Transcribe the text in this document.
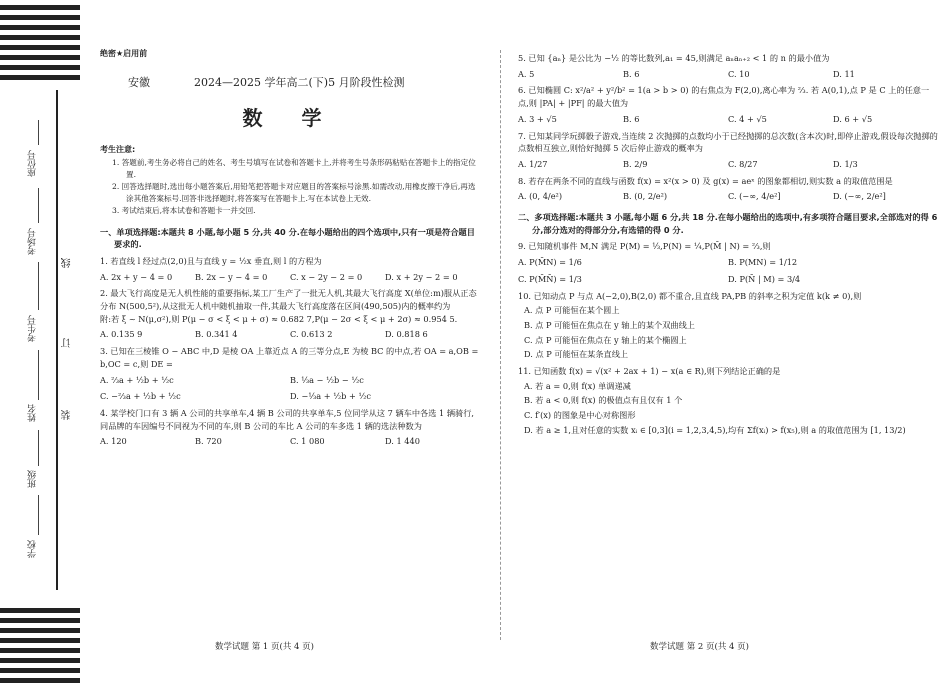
座位号
考场号
考生号
姓名
班级
学校
线
订
装
绝密★启用前
安徽	2024—2025 学年高二(下)5 月阶段性检测
数 学
考生注意:
1. 答题前,考生务必将自己的姓名、考生号填写在试卷和答题卡上,并将考生号条形码粘贴在答题卡上的指定位置.
2. 回答选择题时,选出每小题答案后,用铅笔把答题卡对应题目的答案标号涂黑.如需改动,用橡皮擦干净后,再选涂其他答案标号.回答非选择题时,将答案写在答题卡上.写在本试卷上无效.
3. 考试结束后,将本试卷和答题卡一并交回.
一、单项选择题:本题共 8 小题,每小题 5 分,共 40 分.在每小题给出的四个选项中,只有一项是符合题目要求的.
1. 若直线 l 经过点(2,0)且与直线 y = ½x 垂直,则 l 的方程为
A. 2x + y − 4 = 0	B. 2x − y − 4 = 0	C. x − 2y − 2 = 0	D. x + 2y − 2 = 0
2. 最大飞行高度是无人机性能的重要指标,某工厂生产了一批无人机,其最大飞行高度 X(单位:m)服从正态分布 N(500,5²),从这批无人机中随机抽取一件,其最大飞行高度落在区间(490,505)内的概率约为
附:若 ξ ~ N(μ,σ²),则 P(μ − σ < ξ < μ + σ) ≈ 0.682 7,P(μ − 2σ < ξ < μ + 2σ) ≈ 0.954 5.
A. 0.135 9	B. 0.341 4	C. 0.613 2	D. 0.818 6
3. 已知在三棱锥 O − ABC 中,D 是棱 OA 上靠近点 A 的三等分点,E 为棱 BC 的中点,若 OA = a,OB = b,OC = c,则 DE =
A. ⅔a + ½b + ½c	B. ⅓a − ½b − ½c
C. −⅔a + ½b + ½c	D. −⅓a + ½b + ½c
4. 某学校门口有 3 辆 A 公司的共享单车,4 辆 B 公司的共享单车,5 位同学从这 7 辆车中各选 1 辆骑行,同品牌的车因编号不同视为不同的车,则 B 公司的车比 A 公司的车多选 1 辆的选法种数为
A. 120	B. 720	C. 1 080	D. 1 440
5. 已知 {aₙ} 是公比为 −½ 的等比数列,a₁ = 45,则满足 aₙaₙ₊₂ < 1 的 n 的最小值为
A. 5	B. 6	C. 10	D. 11
6. 已知椭圆 C: x²/a² + y²/b² = 1(a > b > 0) 的右焦点为 F(2,0),离心率为 ⅔. 若 A(0,1),点 P 是 C 上的任意一点,则 |PA| + |PF| 的最大值为
A. 3 + √5	B. 6	C. 4 + √5	D. 6 + √5
7. 已知某同学玩掷骰子游戏,当连续 2 次抛掷的点数均小于已经抛掷的总次数(含本次)时,即停止游戏,假设每次抛掷的点数相互独立,则恰好抛掷 5 次后停止游戏的概率为
A. 1/27	B. 2/9	C. 8/27	D. 1/3
8. 若存在两条不同的直线与函数 f(x) = x²(x > 0) 及 g(x) = aeˣ 的图象都相切,则实数 a 的取值范围是
A. (0, 4/e²)	B. (0, 2/e²)	C. (−∞, 4/e²]	D. (−∞, 2/e²]
二、多项选择题:本题共 3 小题,每小题 6 分,共 18 分.在每小题给出的选项中,有多项符合题目要求,全部选对的得 6 分,部分选对的得部分分,有选错的得 0 分.
9. 已知随机事件 M,N 满足 P(M) = ⅓,P(N) = ¼,P(M̄ | N) = ⅔,则
A. P(M̄N) = 1/6	B. P(MN) = 1/12
C. P(M̄N̄) = 1/3	D. P(N̄ | M) = 3/4
10. 已知动点 P 与点 A(−2,0),B(2,0) 都不重合,且直线 PA,PB 的斜率之积为定值 k(k ≠ 0),则
A. 点 P 可能恒在某个圆上
B. 点 P 可能恒在焦点在 y 轴上的某个双曲线上
C. 点 P 可能恒在焦点在 y 轴上的某个椭圆上
D. 点 P 可能恒在某条直线上
11. 已知函数 f(x) = √(x² + 2ax + 1) − x(a ∈ R),则下列结论正确的是
A. 若 a = 0,则 f(x) 单调递减
B. 若 a < 0,则 f(x) 的极值点有且仅有 1 个
C. f′(x) 的图象是中心对称图形
D. 若 a ≥ 1,且对任意的实数 xᵢ ∈ [0,3](i = 1,2,3,4,5),均有 Σf(xᵢ) > f(x₅),则 a 的取值范围为 [1, 13/2)
数学试题 第 1 页(共 4 页)	数学试题 第 2 页(共 4 页)
